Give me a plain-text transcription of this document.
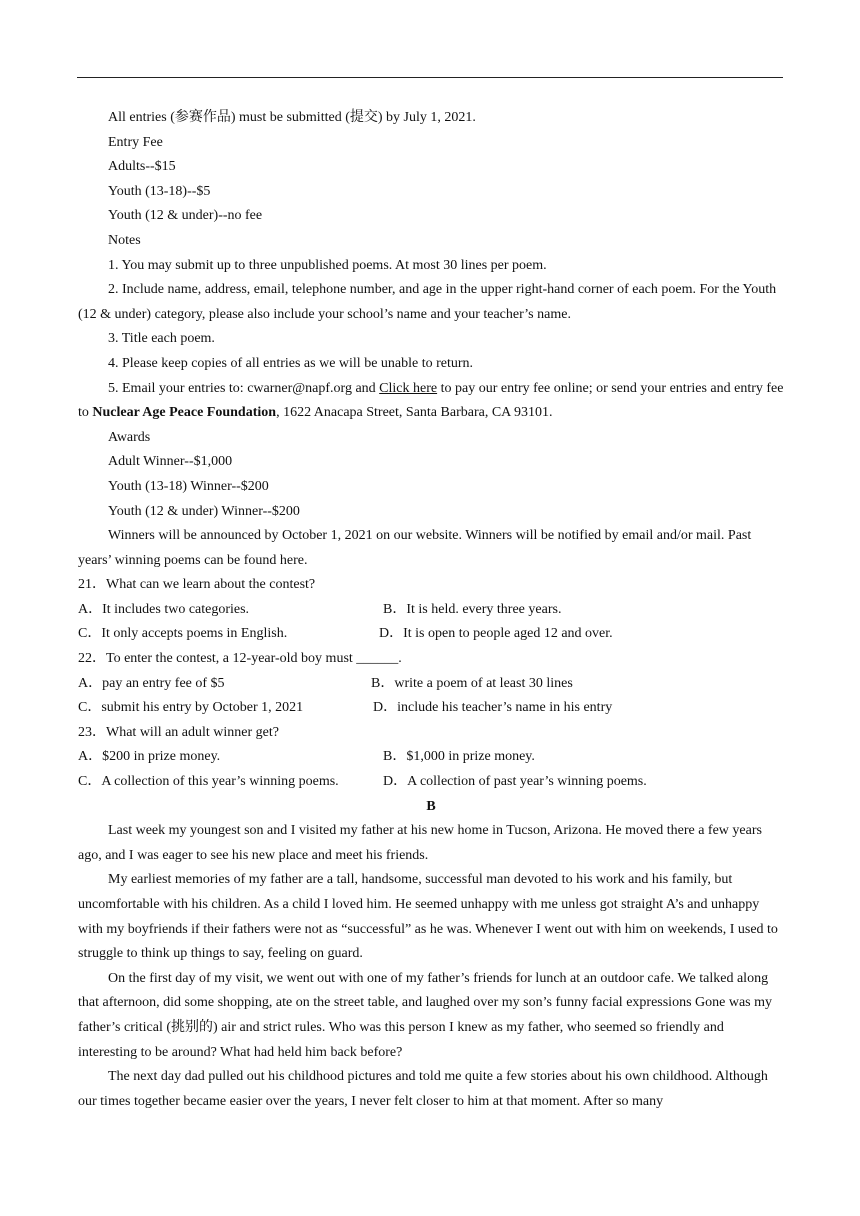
All entries (参赛作品) must be submitted (提交) by July 1, 2021.

Entry Fee

Adults--$15

Youth (13-18)--$5

Youth (12 & under)--no fee

Notes

1. You may submit up to three unpublished poems. At most 30 lines per poem.

2. Include name, address, email, telephone number, and age in the upper right-hand corner of each poem. For the Youth (12 & under) category, please also include your school’s name and your teacher’s name.

3. Title each poem.

4. Please keep copies of all entries as we will be unable to return.

5. Email your entries to: cwarner@napf.org and Click here to pay our entry fee online; or send your entries and entry fee to Nuclear Age Peace Foundation, 1622 Anacapa Street, Santa Barbara, CA 93101.

Awards

Adult Winner--$1,000

Youth (13-18) Winner--$200

Youth (12 & under) Winner--$200

Winners will be announced by October 1, 2021 on our website. Winners will be notified by email and/or mail. Past years’ winning poems can be found here.

21．What can we learn about the contest?

A．It includes two categories.	B．It is held. every three years.
C．It only accepts poems in English.	D．It is open to people aged 12 and over.

22．To enter the contest, a 12-year-old boy must ______.

A．pay an entry fee of $5	B．write a poem of at least 30 lines
C．submit his entry by October 1, 2021	D．include his teacher’s name in his entry

23．What will an adult winner get?

A．$200 in prize money.	B．$1,000 in prize money.
C．A collection of this year’s winning poems.	D．A collection of past year’s winning poems.

B

Last week my youngest son and I visited my father at his new home in Tucson, Arizona. He moved there a few years ago, and I was eager to see his new place and meet his friends.

My earliest memories of my father are a tall, handsome, successful man devoted to his work and his family, but uncomfortable with his children. As a child I loved him. He seemed unhappy with me unless got straight A’s and unhappy with my boyfriends if their fathers were not as “successful” as he was. Whenever I went out with him on weekends, I used to struggle to think up things to say, feeling on guard.

On the first day of my visit, we went out with one of my father’s friends for lunch at an outdoor cafe. We talked along that afternoon, did some shopping, ate on the street table, and laughed over my son’s funny facial expressions Gone was my father’s critical (挑别的) air and strict rules. Who was this person I knew as my father, who seemed so friendly and interesting to be around? What had held him back before?

The next day dad pulled out his childhood pictures and told me quite a few stories about his own childhood. Although our times together became easier over the years, I never felt closer to him at that moment. After so many
